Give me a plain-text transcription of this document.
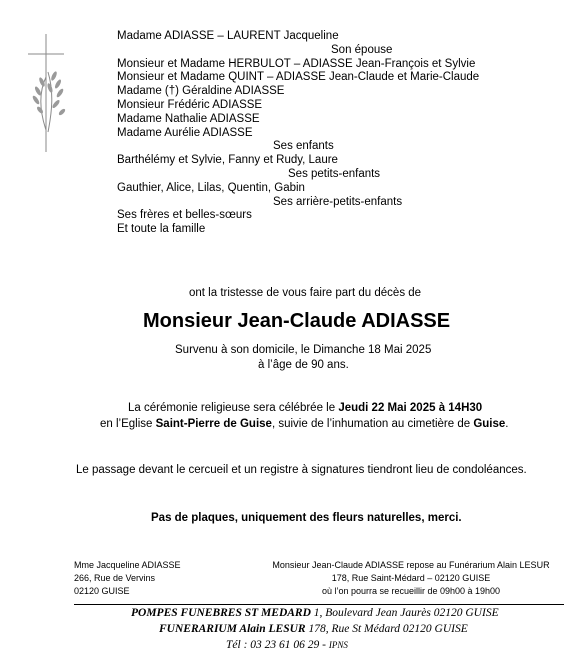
Madame ADIASSE – LAURENT Jacqueline
Son épouse
Monsieur et Madame HERBULOT – ADIASSE Jean-François et Sylvie
Monsieur et Madame QUINT – ADIASSE Jean-Claude et Marie-Claude
Madame (†) Géraldine ADIASSE
Monsieur Frédéric ADIASSE
Madame Nathalie ADIASSE
Madame Aurélie ADIASSE
Ses enfants
Barthélémy et Sylvie, Fanny et Rudy, Laure
Ses petits-enfants
Gauthier, Alice, Lilas, Quentin, Gabin
Ses arrière-petits-enfants
Ses frères et belles-sœurs
Et toute la famille
ont la tristesse de vous faire part du décès de
Monsieur Jean-Claude ADIASSE
Survenu à son domicile, le Dimanche 18 Mai 2025
à l’âge de 90 ans.
La cérémonie religieuse sera célébrée le Jeudi 22 Mai 2025 à 14H30
en l’Eglise Saint-Pierre de Guise, suivie de l’inhumation au cimetière de Guise.
Le passage devant le cercueil et un registre à signatures tiendront lieu de condoléances.
Pas de plaques, uniquement des fleurs naturelles, merci.
Mme Jacqueline ADIASSE
266, Rue de Vervins
02120 GUISE
Monsieur Jean-Claude ADIASSE repose au Funérarium Alain LESUR
178, Rue Saint-Médard – 02120 GUISE
où l’on pourra se recueillir de 09h00 à 19h00
POMPES FUNEBRES ST MEDARD 1, Boulevard Jean Jaurès 02120 GUISE
FUNERARIUM Alain LESUR 178, Rue St Médard 02120 GUISE
Tél : 03 23 61 06 29 - IPNS
